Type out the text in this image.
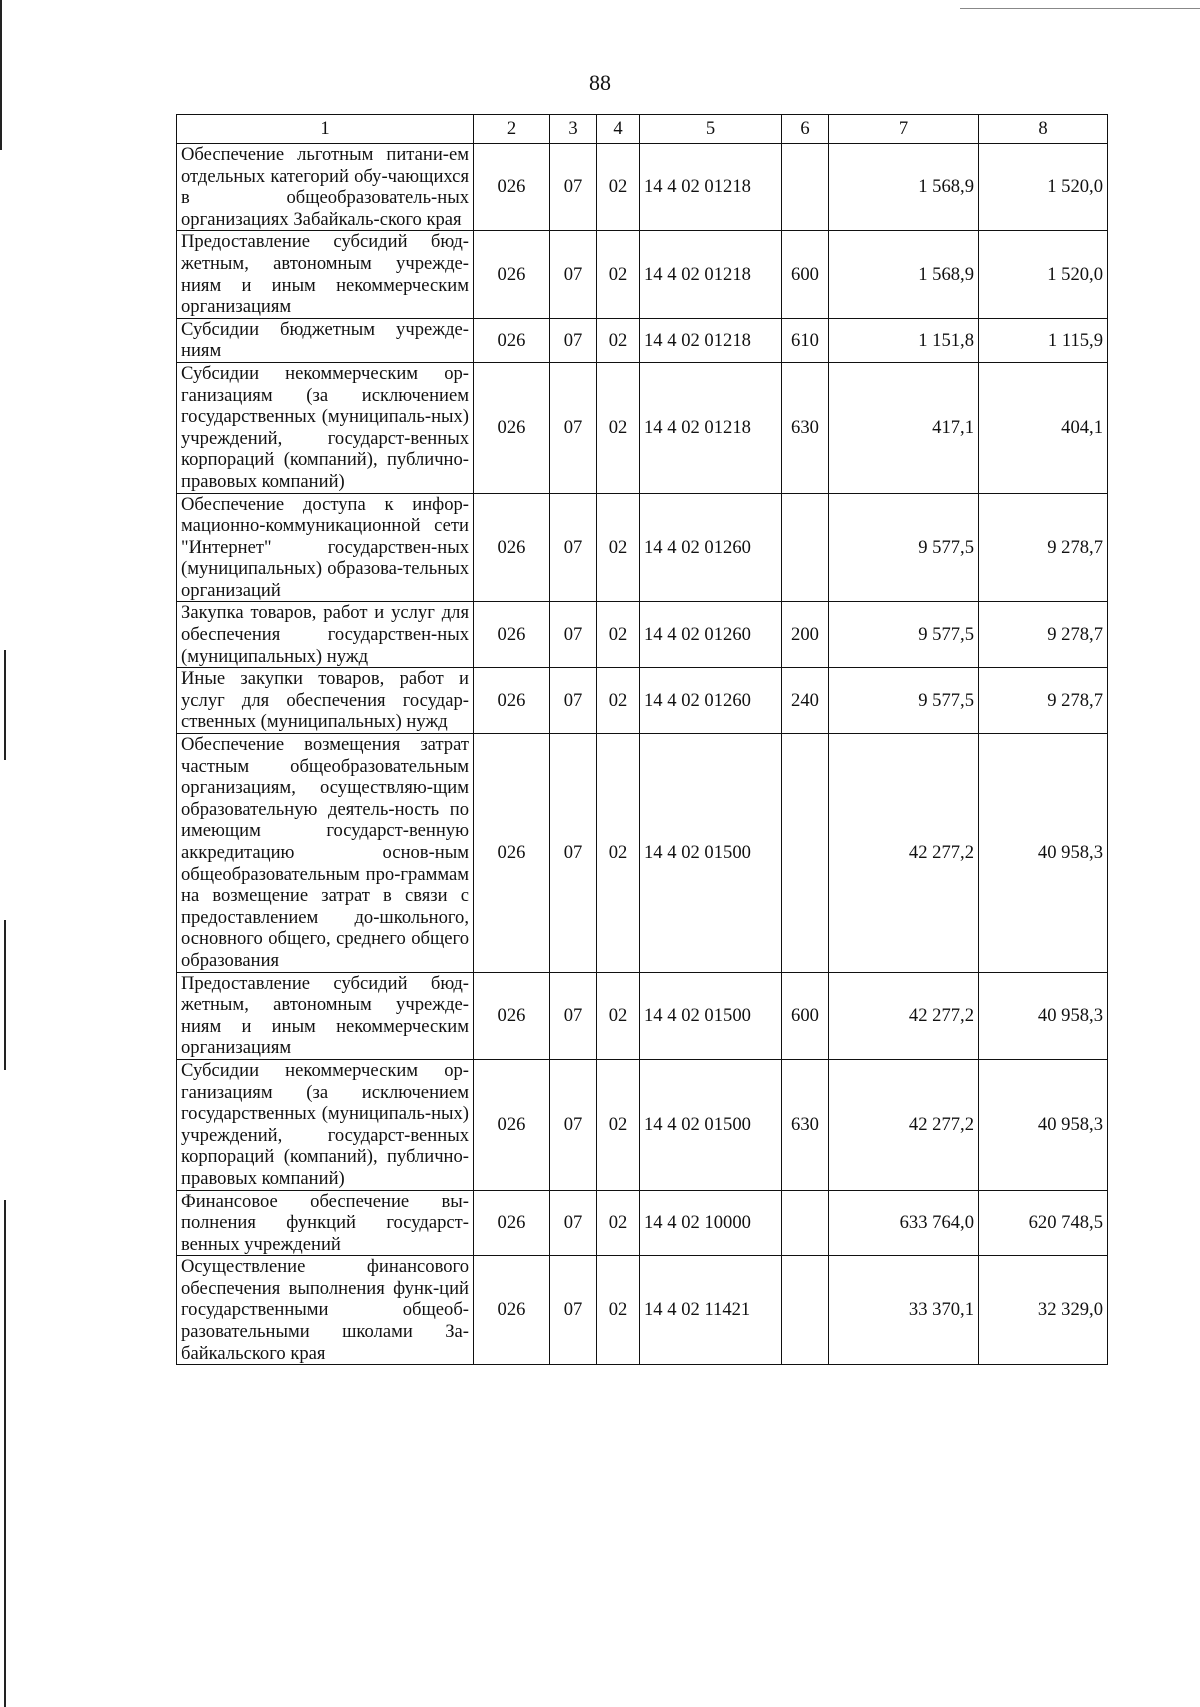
88
1	2	3	4	5	6	7	8
Обеспечение льготным питани-ем отдельных категорий обу-чающихся в общеобразователь-ных организациях Забайкаль-ского края	026	07	02	14 4 02 01218		1 568,9	1 520,0
Предоставление субсидий бюд-жетным, автономным учрежде-ниям и иным некоммерческим организациям	026	07	02	14 4 02 01218	600	1 568,9	1 520,0
Субсидии бюджетным учрежде-ниям	026	07	02	14 4 02 01218	610	1 151,8	1 115,9
Субсидии некоммерческим ор-ганизациям (за исключением государственных (муниципаль-ных) учреждений, государст-венных корпораций (компаний), публично-правовых компаний)	026	07	02	14 4 02 01218	630	417,1	404,1
Обеспечение доступа к инфор-мационно-коммуникационной сети "Интернет" государствен-ных (муниципальных) образова-тельных организаций	026	07	02	14 4 02 01260		9 577,5	9 278,7
Закупка товаров, работ и услуг для обеспечения государствен-ных (муниципальных) нужд	026	07	02	14 4 02 01260	200	9 577,5	9 278,7
Иные закупки товаров, работ и услуг для обеспечения государ-ственных (муниципальных) нужд	026	07	02	14 4 02 01260	240	9 577,5	9 278,7
Обеспечение возмещения затрат частным общеобразовательным организациям, осуществляю-щим образовательную деятель-ность по имеющим государст-венную аккредитацию основ-ным общеобразовательным про-граммам на возмещение затрат в связи с предоставлением до-школьного, основного общего, среднего общего образования	026	07	02	14 4 02 01500		42 277,2	40 958,3
Предоставление субсидий бюд-жетным, автономным учрежде-ниям и иным некоммерческим организациям	026	07	02	14 4 02 01500	600	42 277,2	40 958,3
Субсидии некоммерческим ор-ганизациям (за исключением государственных (муниципаль-ных) учреждений, государст-венных корпораций (компаний), публично-правовых компаний)	026	07	02	14 4 02 01500	630	42 277,2	40 958,3
Финансовое обеспечение вы-полнения функций государст-венных учреждений	026	07	02	14 4 02 10000		633 764,0	620 748,5
Осуществление финансового обеспечения выполнения функ-ций государственными общеоб-разовательными школами За-байкальского края	026	07	02	14 4 02 11421		33 370,1	32 329,0
